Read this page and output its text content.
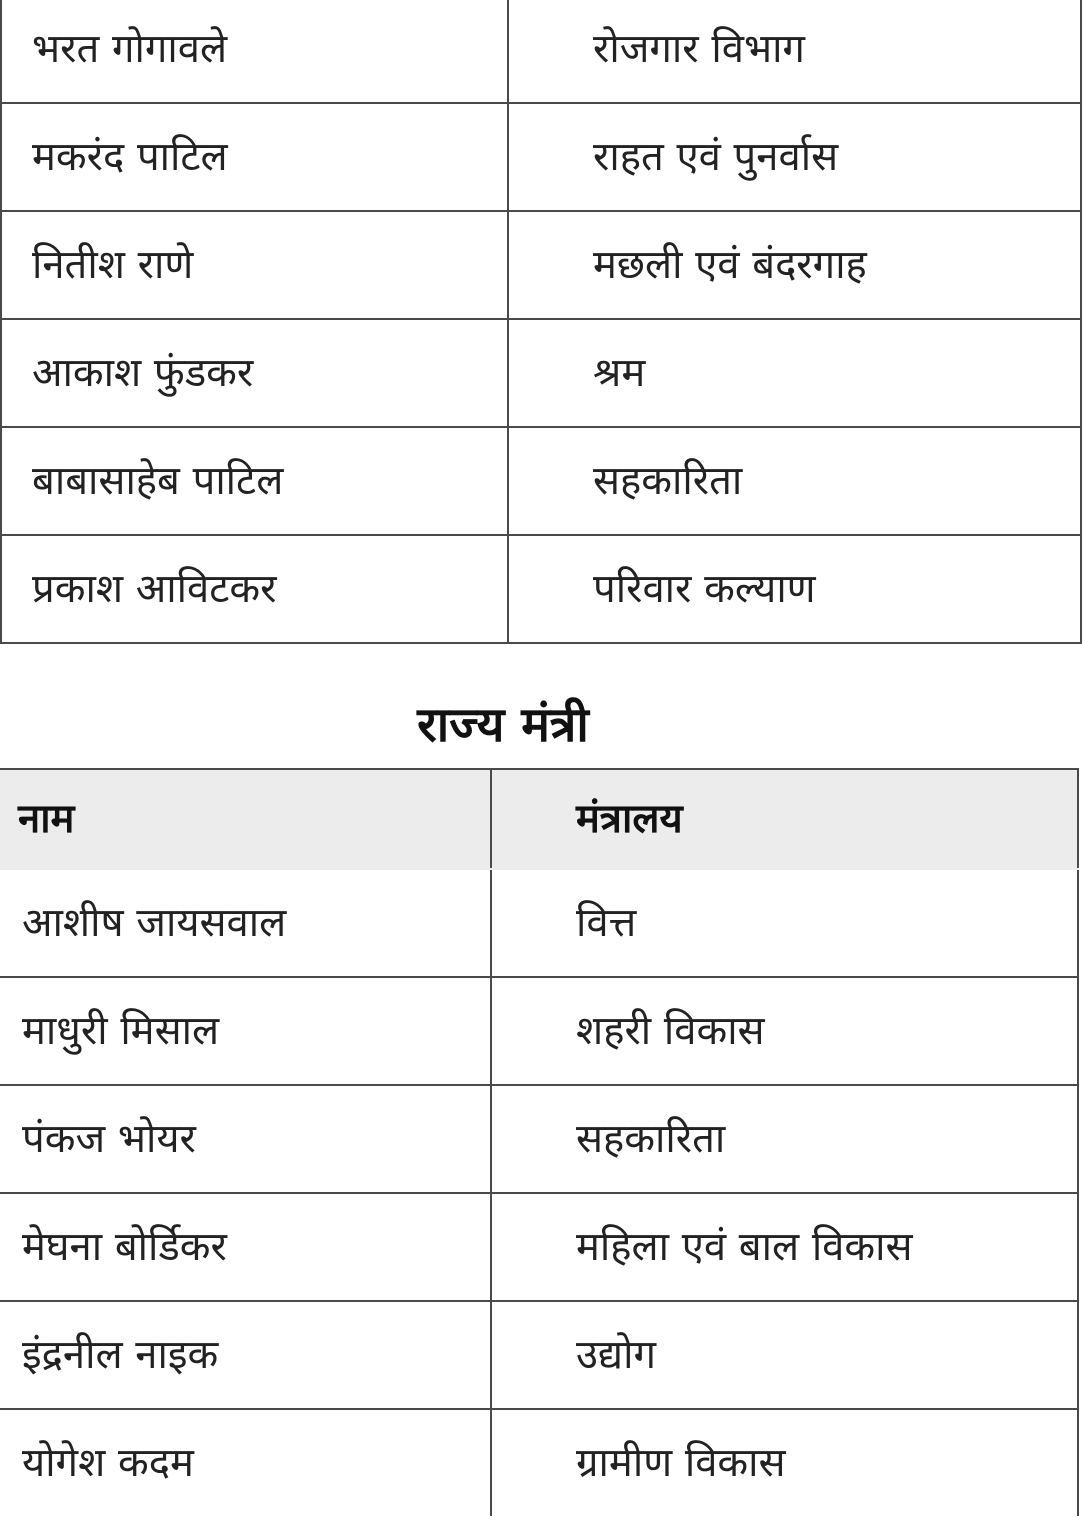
भरत गोगावले	रोजगार विभाग
मकरंद पाटिल	राहत एवं पुनर्वास
नितीश राणे	मछली एवं बंदरगाह
आकाश फुंडकर	श्रम
बाबासाहेब पाटिल	सहकारिता
प्रकाश आविटकर	परिवार कल्याण
राज्य मंत्री
नाम	मंत्रालय
आशीष जायसवाल	वित्त
माधुरी मिसाल	शहरी विकास
पंकज भोयर	सहकारिता
मेघना बोर्डिकर	महिला एवं बाल विकास
इंद्रनील नाइक	उद्योग
योगेश कदम	ग्रामीण विकास
